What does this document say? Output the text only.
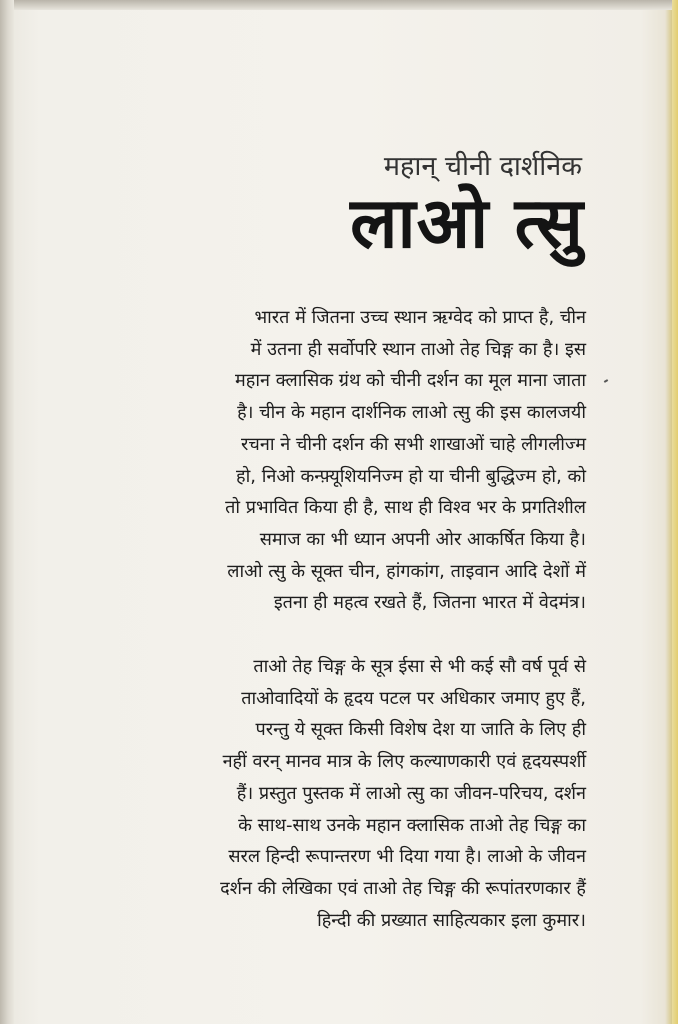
महान् चीनी दार्शनिक
लाओ त्सु
भारत में जितना उच्च स्थान ऋग्वेद को प्राप्त है, चीन
में उतना ही सर्वोपरि स्थान ताओ तेह चिङ्ग का है। इस
महान क्लासिक ग्रंथ को चीनी दर्शन का मूल माना जाता
है। चीन के महान दार्शनिक लाओ त्सु की इस कालजयी
रचना ने चीनी दर्शन की सभी शाखाओं चाहे लीगलीज्म
हो, निओ कन्फ़्यूशियनिज्म हो या चीनी बुद्धिज्म हो, को
तो प्रभावित किया ही है, साथ ही विश्व भर के प्रगतिशील
समाज का भी ध्यान अपनी ओर आकर्षित किया है।
लाओ त्सु के सूक्त चीन, हांगकांग, ताइवान आदि देशों में
इतना ही महत्व रखते हैं, जितना भारत में वेदमंत्र।
ताओ तेह चिङ्ग के सूत्र ईसा से भी कई सौ वर्ष पूर्व से
ताओवादियों के हृदय पटल पर अधिकार जमाए हुए हैं,
परन्तु ये सूक्त किसी विशेष देश या जाति के लिए ही
नहीं वरन् मानव मात्र के लिए कल्याणकारी एवं हृदयस्पर्शी
हैं। प्रस्तुत पुस्तक में लाओ त्सु का जीवन-परिचय, दर्शन
के साथ-साथ उनके महान क्लासिक ताओ तेह चिङ्ग का
सरल हिन्दी रूपान्तरण भी दिया गया है। लाओ के जीवन
दर्शन की लेखिका एवं ताओ तेह चिङ्ग की रूपांतरणकार हैं
हिन्दी की प्रख्यात साहित्यकार इला कुमार।
